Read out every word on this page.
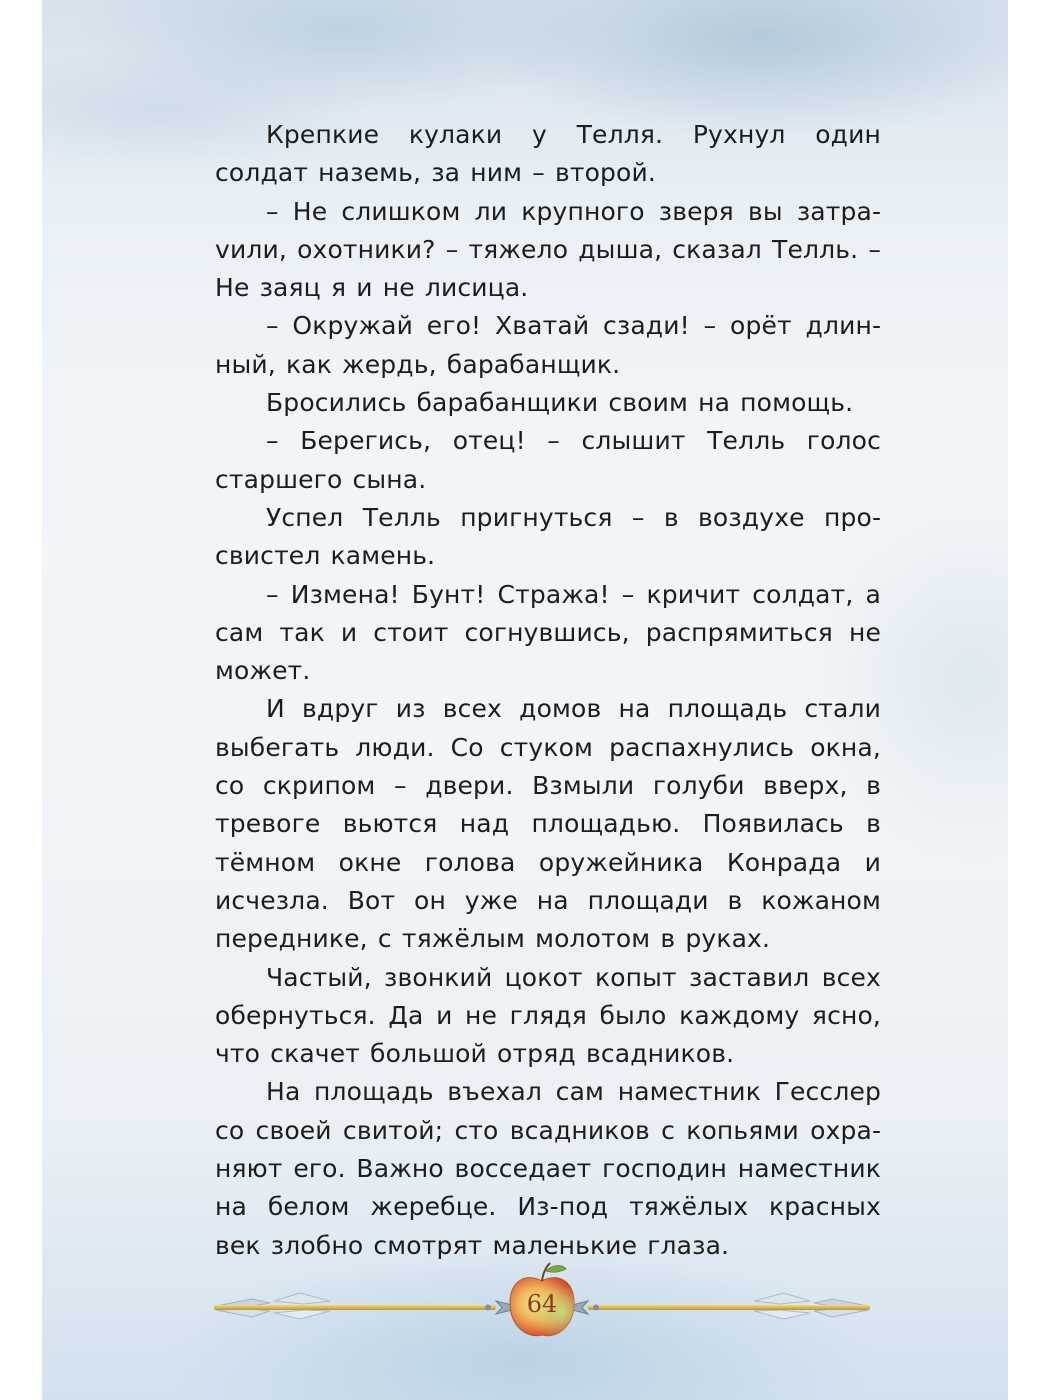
Крепкие кулаки у Телля. Рухнул один солдат наземь, за ним – второй.

– Не слишком ли крупного зверя вы затраvили, охотники? – тяжело дыша, сказал Телль. – Не заяц я и не лисица.

– Окружай его! Хватай сзади! – орёт длинный, как жердь, барабанщик.

Бросились барабанщики своим на помощь.

– Берегись, отец! – слышит Телль голос старшего сына.

Успел Телль пригнуться – в воздухе просвистел камень.

– Измена! Бунт! Стража! – кричит солдат, а сам так и стоит согнувшись, распрямиться не может.

И вдруг из всех домов на площадь стали выбегать люди. Со стуком распахнулись окна, со скрипом – двери. Взмыли голуби вверх, в тревоге вьются над площадью. Появилась в тёмном окне голова оружейника Конрада и исчезла. Вот он уже на площади в кожаном переднике, с тяжёлым молотом в руках.

Частый, звонкий цокот копыт заставил всех обернуться. Да и не глядя было каждому ясно, что скачет большой отряд всадников.

На площадь въехал сам наместник Гесслер со своей свитой; сто всадников с копьями охраняют его. Важно восседает господин наместник на белом жеребце. Из-под тяжёлых красных век злобно смотрят маленькие глаза.

64
